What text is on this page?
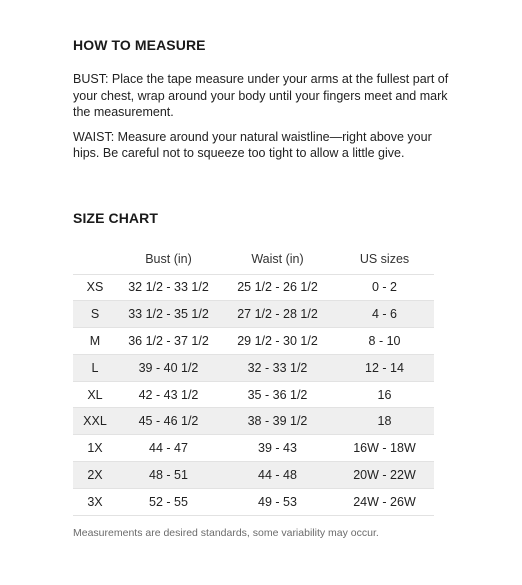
HOW TO MEASURE

BUST: Place the tape measure under your arms at the fullest part of your chest, wrap around your body until your fingers meet and mark the measurement.

WAIST: Measure around your natural waistline—right above your hips. Be careful not to squeeze too tight to allow a little give.

SIZE CHART
	Bust (in)	Waist (in)	US sizes
XS	32 1/2 - 33 1/2	25 1/2 - 26 1/2	0 - 2
S	33 1/2 - 35 1/2	27 1/2 - 28 1/2	4 - 6
M	36 1/2 - 37 1/2	29 1/2 - 30 1/2	8 - 10
L	39 - 40 1/2	32 - 33 1/2	12 - 14
XL	42 - 43 1/2	35 - 36 1/2	16
XXL	45 - 46 1/2	38 - 39 1/2	18
1X	44 - 47	39 - 43	16W - 18W
2X	48 - 51	44 - 48	20W - 22W
3X	52 - 55	49 - 53	24W - 26W
Measurements are desired standards, some variability may occur.
